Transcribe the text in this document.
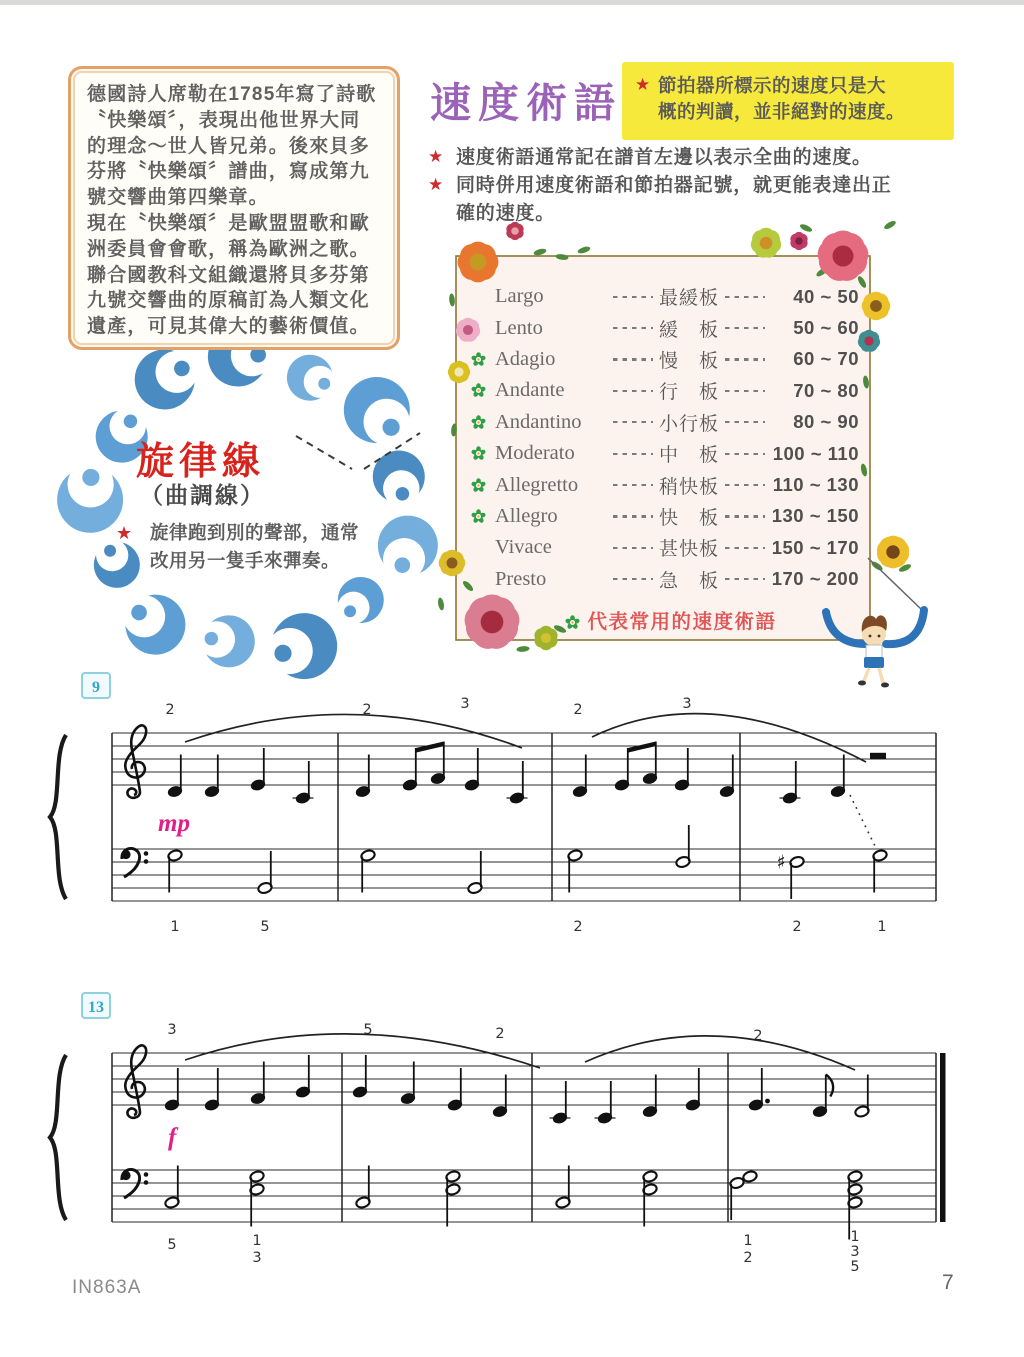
9
mp
2	2	3	2	3
1	5	2	2	1
♯
13
f
3	5	2	2
5	1
3
1
2
1
3
5
德國詩人席勒在1785年寫了詩歌
〝快樂頌〞，表現出他世界大同
的理念～世人皆兄弟。後來貝多
芬將〝快樂頌〞譜曲，寫成第九
號交響曲第四樂章。
現在〝快樂頌〞是歐盟盟歌和歐
洲委員會會歌，稱為歐洲之歌。
聯合國教科文組織還將貝多芬第
九號交響曲的原稿訂為人類文化
遺產，可見其偉大的藝術價值。
速度術語 ★ 節拍器所標示的速度只是大
概的判讀，並非絕對的速度。
★ 速度術語通常記在譜首左邊以表示全曲的速度。
★ 同時併用速度術語和節拍器記號，就更能表達出正
確的速度。
Largo	最緩板	40 ~ 50
Lento	緩　板	50 ~ 60
Adagio	慢　板	60 ~ 70
Andante	行　板	70 ~ 80
Andantino	小行板	80 ~ 90
Moderato	中　板	100 ~ 110
Allegretto	稍快板	110 ~ 130
Allegro	快　板	130 ~ 150
Vivace	甚快板	150 ~ 170
Presto	急　板	170 ~ 200
代表常用的速度術語
旋律線
（曲調線）
★ 旋律跑到別的聲部，通常
改用另一隻手來彈奏。
IN863A	7
